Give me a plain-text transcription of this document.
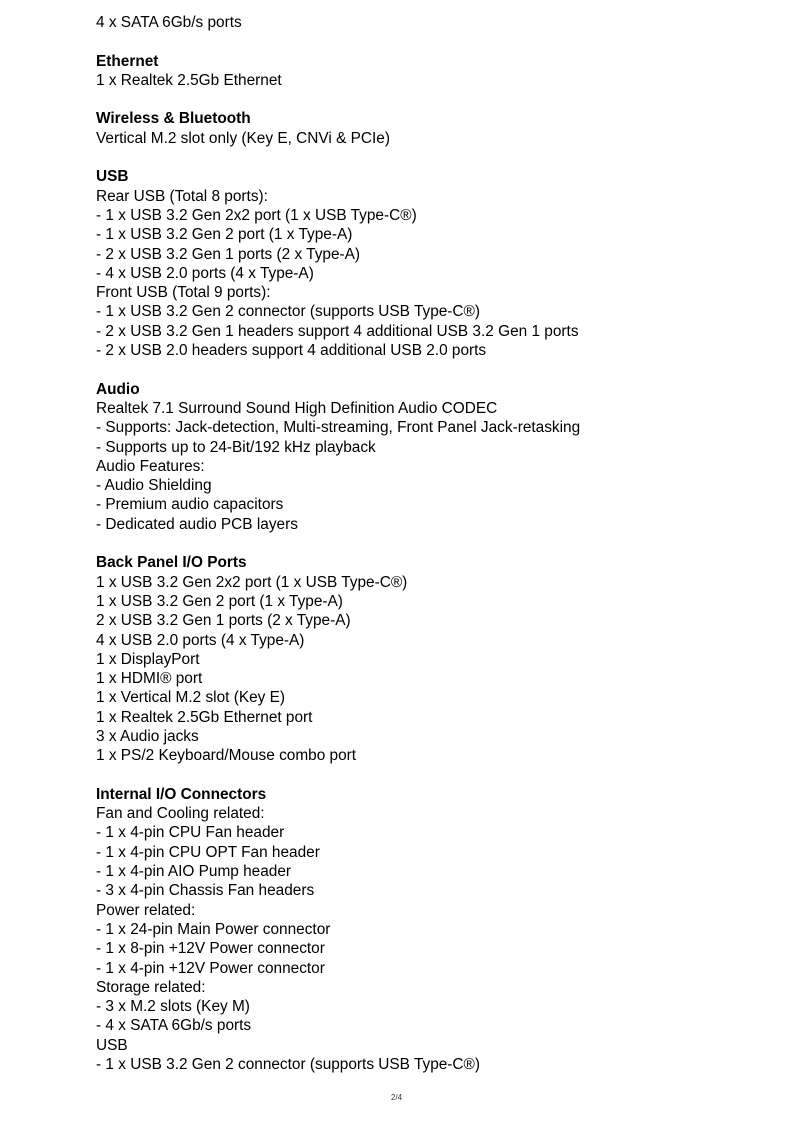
4 x SATA 6Gb/s ports
Ethernet
1 x Realtek 2.5Gb Ethernet
Wireless & Bluetooth
Vertical M.2 slot only (Key E, CNVi & PCIe)
USB
Rear USB (Total 8 ports):
- 1 x USB 3.2 Gen 2x2 port (1 x USB Type-C®)
- 1 x USB 3.2 Gen 2 port (1 x Type-A)
- 2 x USB 3.2 Gen 1 ports (2 x Type-A)
- 4 x USB 2.0 ports (4 x Type-A)
Front USB (Total 9 ports):
- 1 x USB 3.2 Gen 2 connector (supports USB Type-C®)
- 2 x USB 3.2 Gen 1 headers support 4 additional USB 3.2 Gen 1 ports
- 2 x USB 2.0 headers support 4 additional USB 2.0 ports
Audio
Realtek 7.1 Surround Sound High Definition Audio CODEC
- Supports: Jack-detection, Multi-streaming, Front Panel Jack-retasking
- Supports up to 24-Bit/192 kHz playback
Audio Features:
- Audio Shielding
- Premium audio capacitors
- Dedicated audio PCB layers
Back Panel I/O Ports
1 x USB 3.2 Gen 2x2 port (1 x USB Type-C®)
1 x USB 3.2 Gen 2 port (1 x Type-A)
2 x USB 3.2 Gen 1 ports (2 x Type-A)
4 x USB 2.0 ports (4 x Type-A)
1 x DisplayPort
1 x HDMI® port
1 x Vertical M.2 slot (Key E)
1 x Realtek 2.5Gb Ethernet port
3 x Audio jacks
1 x PS/2 Keyboard/Mouse combo port
Internal I/O Connectors
Fan and Cooling related:
- 1 x 4-pin CPU Fan header
- 1 x 4-pin CPU OPT Fan header
- 1 x 4-pin AIO Pump header
- 3 x 4-pin Chassis Fan headers
Power related:
- 1 x 24-pin Main Power connector
- 1 x 8-pin +12V Power connector
- 1 x 4-pin +12V Power connector
Storage related:
- 3 x M.2 slots (Key M)
- 4 x SATA 6Gb/s ports
USB
- 1 x USB 3.2 Gen 2 connector (supports USB Type-C®)
2/4
